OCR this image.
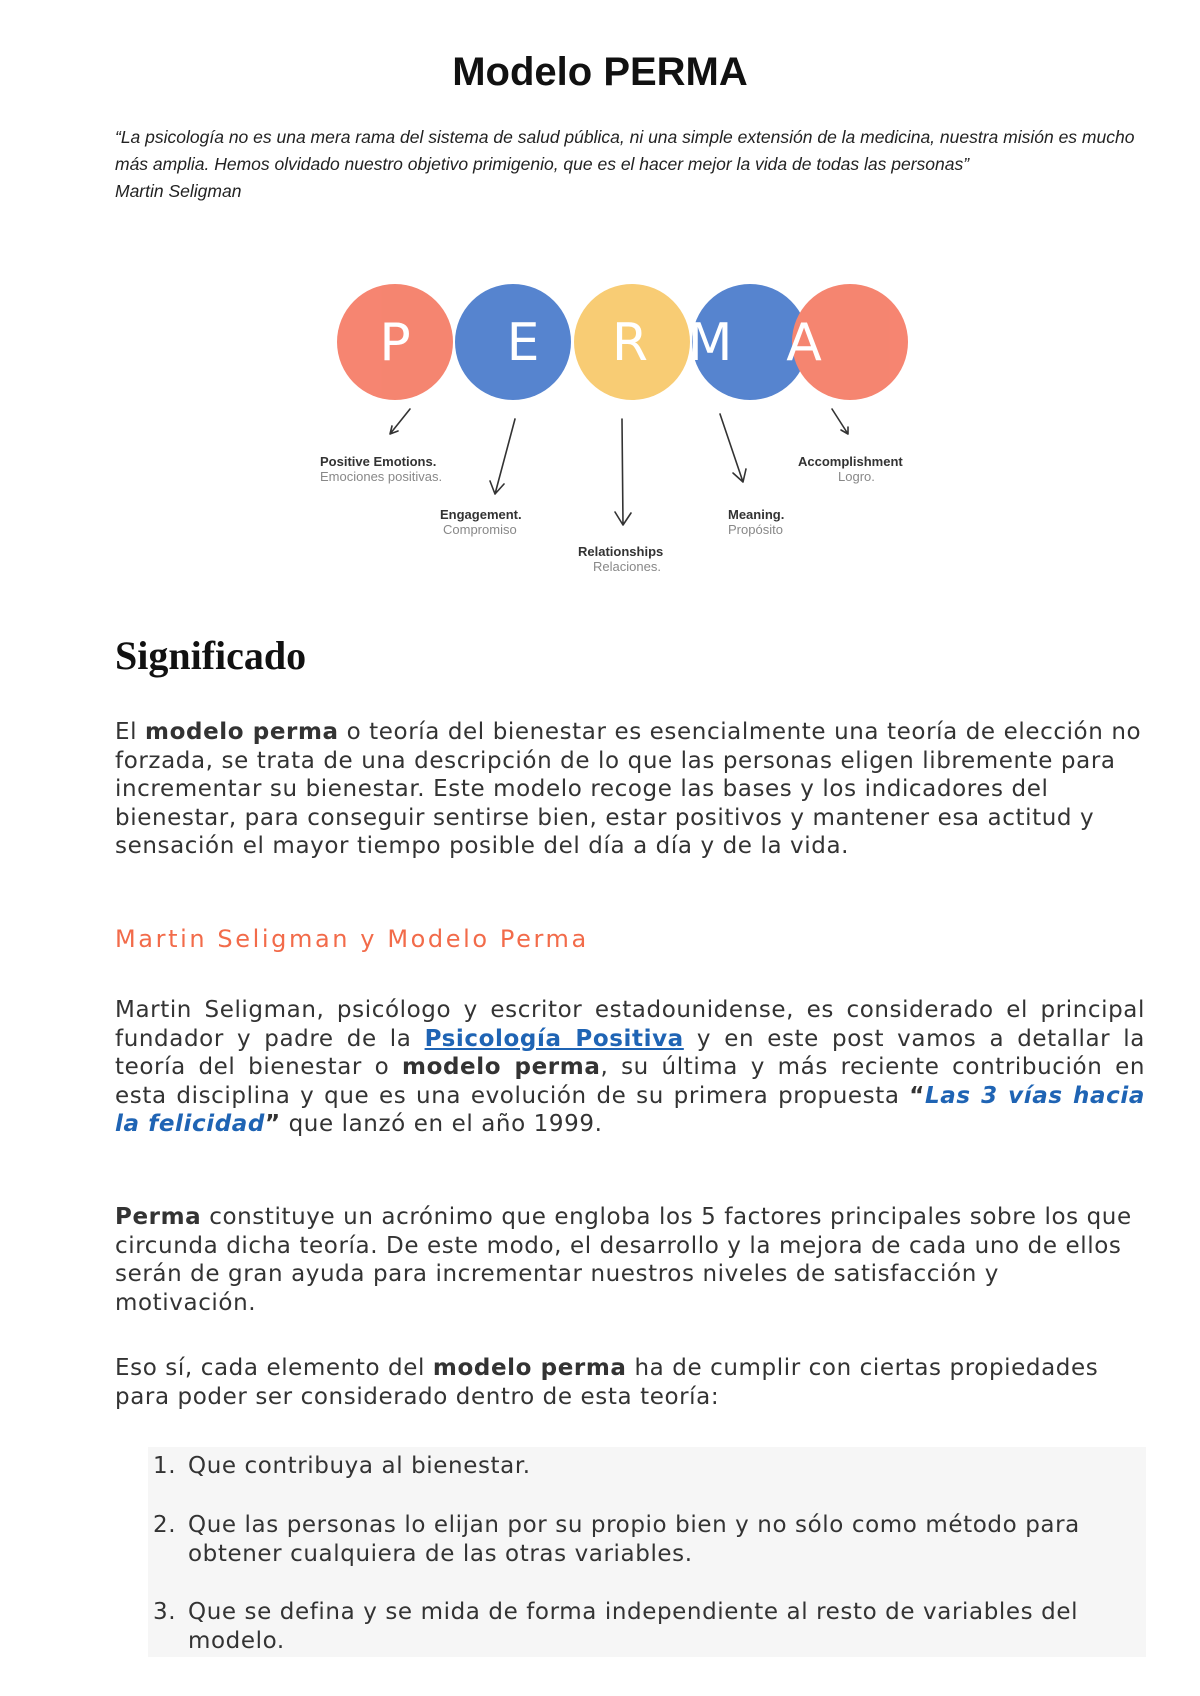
Modelo PERMA

“La psicología no es una mera rama del sistema de salud pública, ni una simple extensión de la medicina, nuestra misión es mucho más amplia. Hemos olvidado nuestro objetivo primigenio, que es el hacer mejor la vida de todas las personas”

Martin Seligman

P E R M A
Positive Emotions.
Emociones positivas.
Engagement.
Compromiso
Relationships
Relaciones.
Meaning.
Propósito
Accomplishment
Logro.
Significado

El modelo perma o teoría del bienestar es esencialmente una teoría de elección no forzada, se trata de una descripción de lo que las personas eligen libremente para incrementar su bienestar. Este modelo recoge las bases y los indicadores del bienestar, para conseguir sentirse bien, estar positivos y mantener esa actitud y sensación el mayor tiempo posible del día a día y de la vida.

Martin Seligman y Modelo Perma

Martin Seligman, psicólogo y escritor estadounidense, es considerado el principal fundador y padre de la Psicología Positiva y en este post vamos a detallar la teoría del bienestar o modelo perma, su última y más reciente contribución en esta disciplina y que es una evolución de su primera propuesta “Las 3 vías hacia la felicidad” que lanzó en el año 1999.

Perma constituye un acrónimo que engloba los 5 factores principales sobre los que circunda dicha teoría. De este modo, el desarrollo y la mejora de cada uno de ellos serán de gran ayuda para incrementar nuestros niveles de satisfacción y motivación.

Eso sí, cada elemento del modelo perma ha de cumplir con ciertas propiedades para poder ser considerado dentro de esta teoría:

1. Que contribuya al bienestar.
2. Que las personas lo elijan por su propio bien y no sólo como método para obtener cualquiera de las otras variables.
3. Que se defina y se mida de forma independiente al resto de variables del modelo.
